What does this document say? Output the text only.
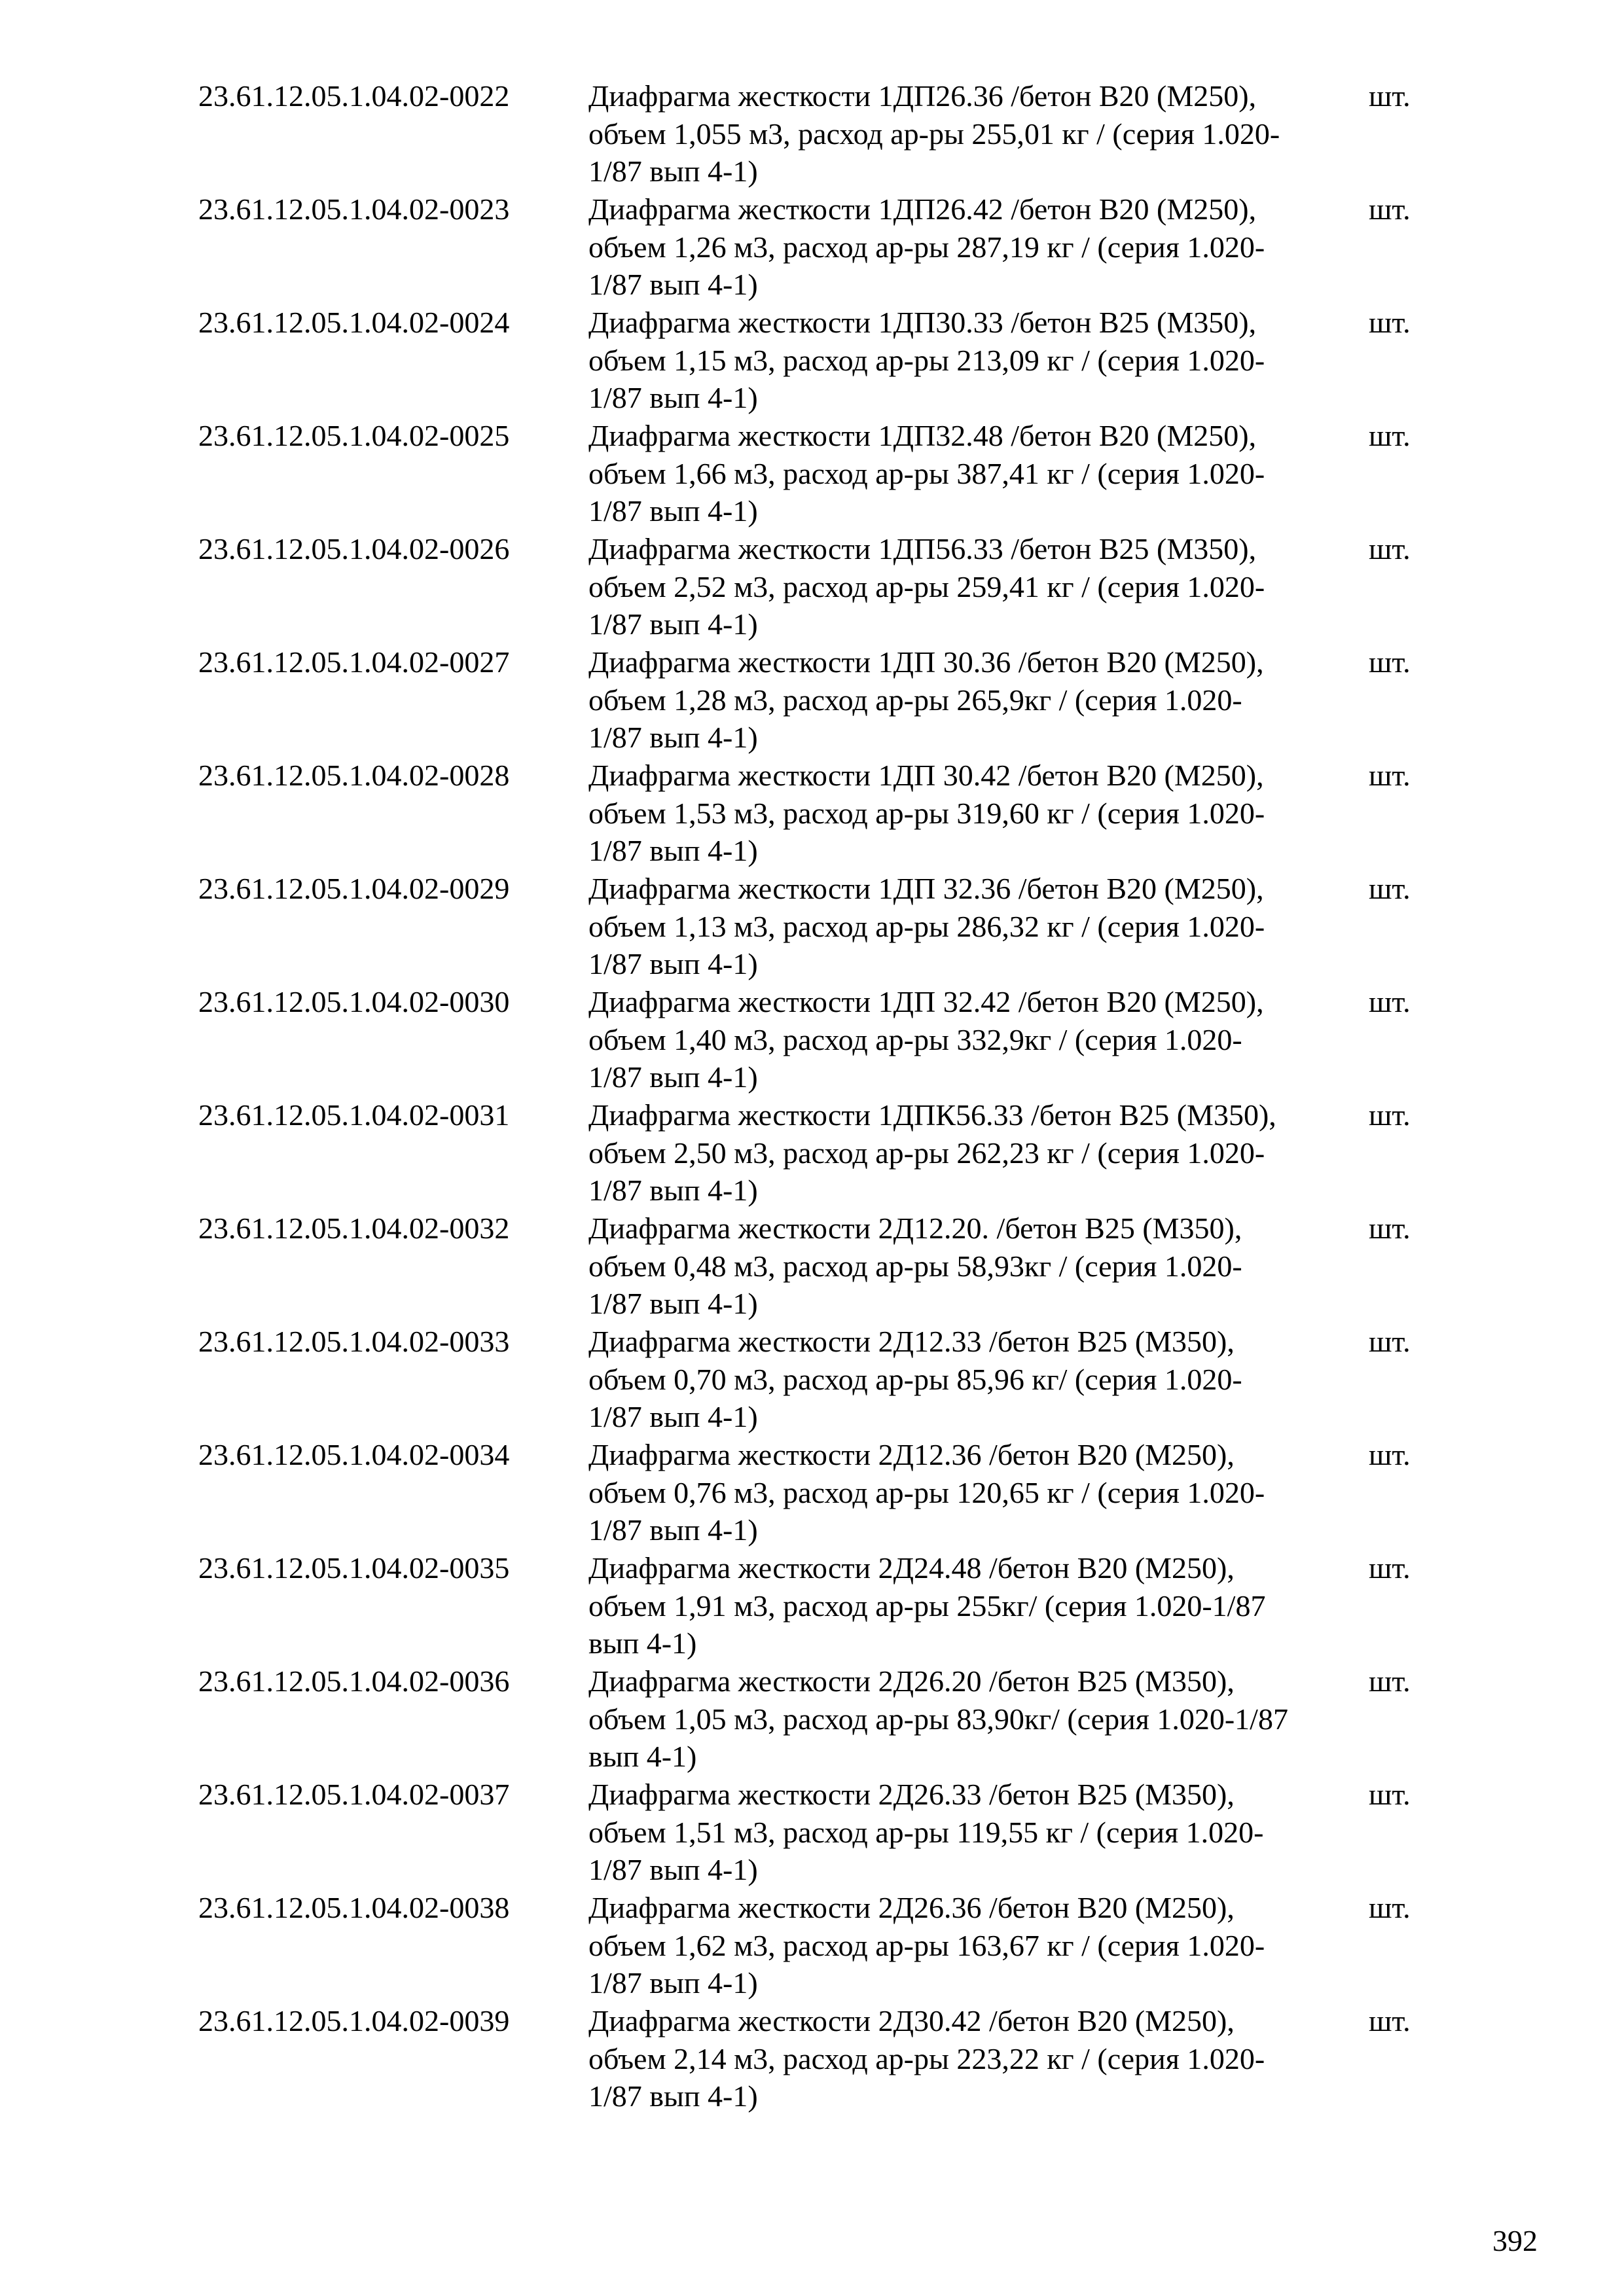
23.61.12.05.1.04.02-0022	Диафрагма жесткости 1ДП26.36 /бетон В20 (М250),
объем 1,055 м3, расход ар-ры 255,01 кг / (серия 1.020-
1/87 вып 4-1)
шт.
23.61.12.05.1.04.02-0023	Диафрагма жесткости 1ДП26.42 /бетон В20 (М250),
объем 1,26 м3, расход ар-ры 287,19 кг / (серия 1.020-
1/87 вып 4-1)
шт.
23.61.12.05.1.04.02-0024	Диафрагма жесткости 1ДП30.33 /бетон В25 (М350),
объем 1,15 м3, расход ар-ры 213,09 кг / (серия 1.020-
1/87 вып 4-1)
шт.
23.61.12.05.1.04.02-0025	Диафрагма жесткости 1ДП32.48 /бетон В20 (М250),
объем 1,66 м3, расход ар-ры 387,41 кг / (серия 1.020-
1/87 вып 4-1)
шт.
23.61.12.05.1.04.02-0026	Диафрагма жесткости 1ДП56.33 /бетон В25 (М350),
объем 2,52 м3, расход ар-ры 259,41 кг / (серия 1.020-
1/87 вып 4-1)
шт.
23.61.12.05.1.04.02-0027	Диафрагма жесткости 1ДП 30.36 /бетон В20 (М250),
объем 1,28 м3, расход ар-ры 265,9кг / (серия 1.020-
1/87 вып 4-1)
шт.
23.61.12.05.1.04.02-0028	Диафрагма жесткости 1ДП 30.42 /бетон В20 (М250),
объем 1,53 м3, расход ар-ры 319,60 кг / (серия 1.020-
1/87 вып 4-1)
шт.
23.61.12.05.1.04.02-0029	Диафрагма жесткости 1ДП 32.36 /бетон В20 (М250),
объем 1,13 м3, расход ар-ры 286,32 кг / (серия 1.020-
1/87 вып 4-1)
шт.
23.61.12.05.1.04.02-0030	Диафрагма жесткости 1ДП 32.42 /бетон В20 (М250),
объем 1,40 м3, расход ар-ры 332,9кг / (серия 1.020-
1/87 вып 4-1)
шт.
23.61.12.05.1.04.02-0031	Диафрагма жесткости 1ДПК56.33 /бетон В25 (М350),
объем 2,50 м3, расход ар-ры 262,23 кг / (серия 1.020-
1/87 вып 4-1)
шт.
23.61.12.05.1.04.02-0032	Диафрагма жесткости 2Д12.20. /бетон В25 (М350),
объем 0,48 м3, расход ар-ры 58,93кг / (серия 1.020-
1/87 вып 4-1)
шт.
23.61.12.05.1.04.02-0033	Диафрагма жесткости 2Д12.33 /бетон В25 (М350),
объем 0,70 м3, расход ар-ры 85,96 кг/ (серия 1.020-
1/87 вып 4-1)
шт.
23.61.12.05.1.04.02-0034	Диафрагма жесткости 2Д12.36 /бетон В20 (М250),
объем 0,76 м3, расход ар-ры 120,65 кг / (серия 1.020-
1/87 вып 4-1)
шт.
23.61.12.05.1.04.02-0035	Диафрагма жесткости 2Д24.48 /бетон В20 (М250),
объем 1,91 м3, расход ар-ры 255кг/ (серия 1.020-1/87
вып 4-1)
шт.
23.61.12.05.1.04.02-0036	Диафрагма жесткости 2Д26.20 /бетон В25 (М350),
объем 1,05 м3, расход ар-ры 83,90кг/ (серия 1.020-1/87
вып 4-1)
шт.
23.61.12.05.1.04.02-0037	Диафрагма жесткости 2Д26.33 /бетон В25 (М350),
объем 1,51 м3, расход ар-ры 119,55 кг / (серия 1.020-
1/87 вып 4-1)
шт.
23.61.12.05.1.04.02-0038	Диафрагма жесткости 2Д26.36 /бетон В20 (М250),
объем 1,62 м3, расход ар-ры 163,67 кг / (серия 1.020-
1/87 вып 4-1)
шт.
23.61.12.05.1.04.02-0039	Диафрагма жесткости 2Д30.42 /бетон В20 (М250),
объем 2,14 м3, расход ар-ры 223,22 кг / (серия 1.020-
1/87 вып 4-1)
шт.
392
